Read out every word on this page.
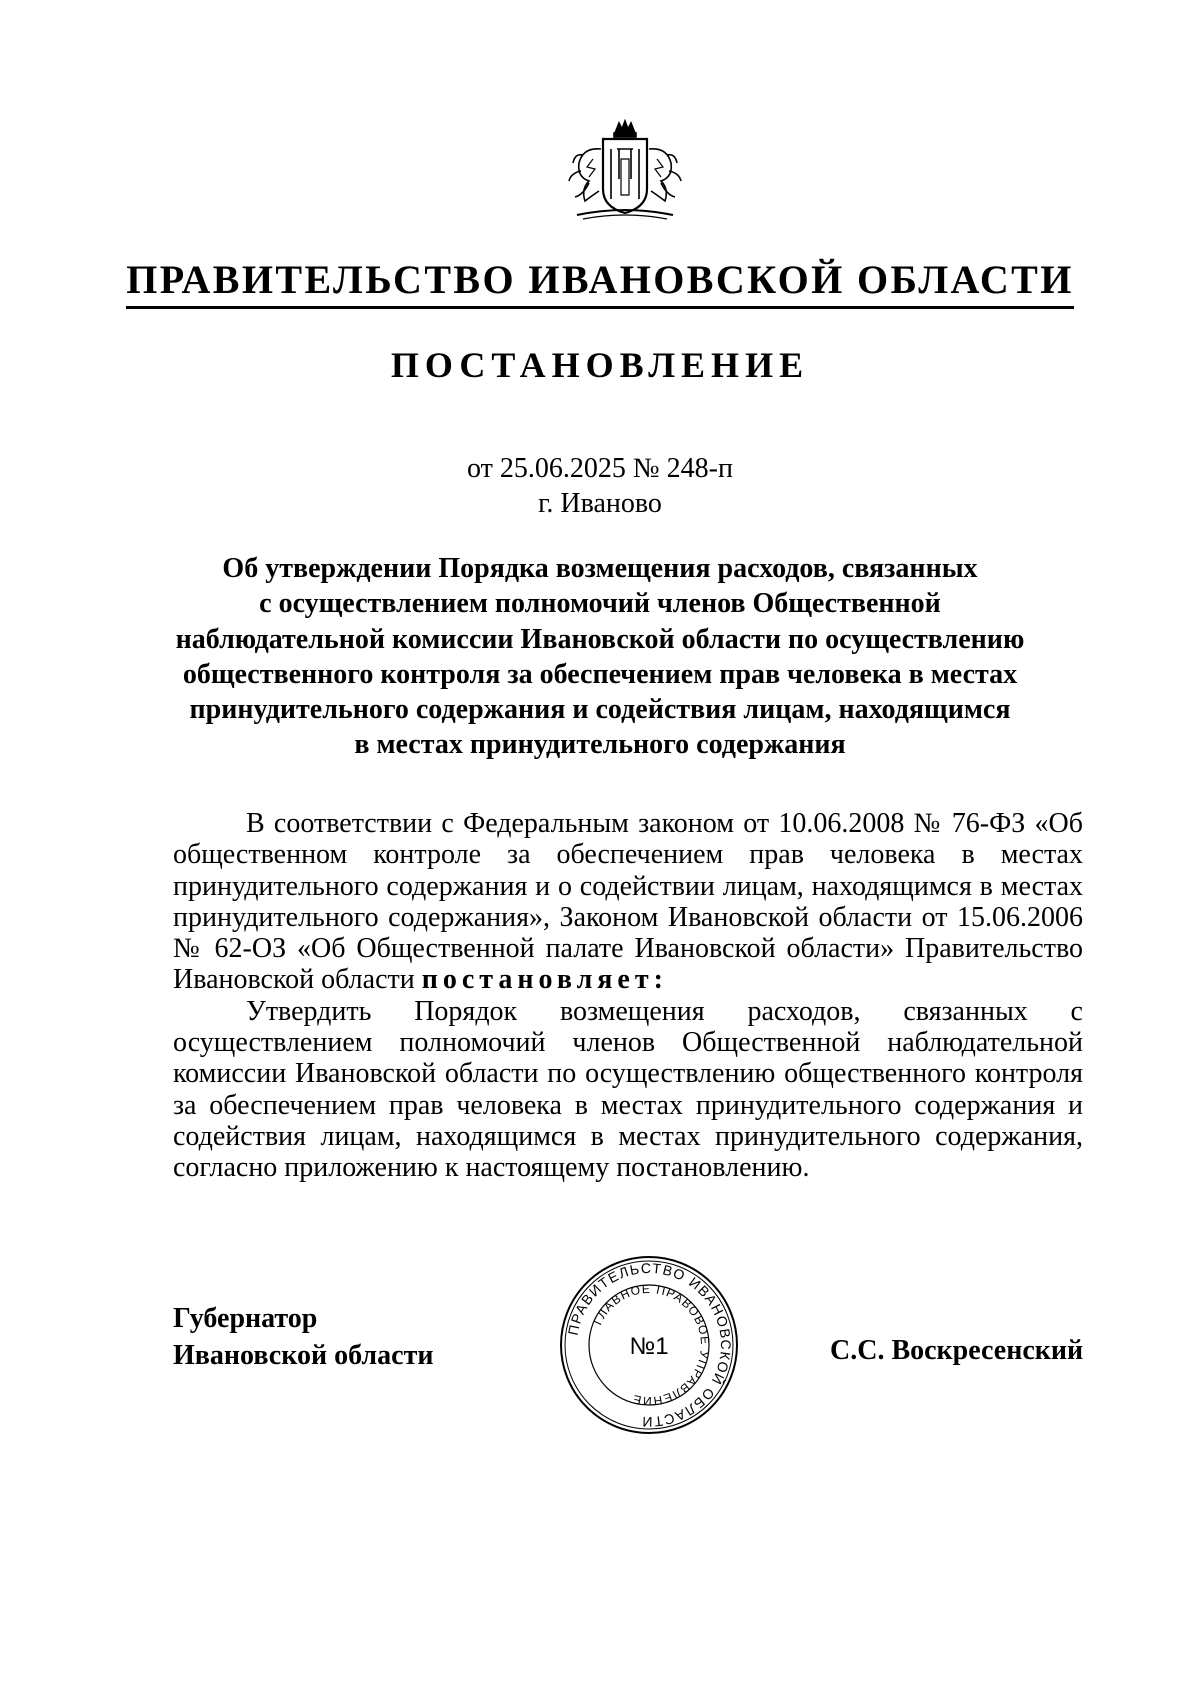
ПРАВИТЕЛЬСТВО ИВАНОВСКОЙ ОБЛАСТИ
ПОСТАНОВЛЕНИЕ
от 25.06.2025 № 248-п
г. Иваново
Об утверждении Порядка возмещения расходов, связанных
с осуществлением полномочий членов Общественной
наблюдательной комиссии Ивановской области по осуществлению
общественного контроля за обеспечением прав человека в местах
принудительного содержания и содействия лицам, находящимся
в местах принудительного содержания

В соответствии с Федеральным законом от 10.06.2008 № 76-ФЗ «Об общественном контроле за обеспечением прав человека в местах принудительного содержания и о содействии лицам, находящимся в местах принудительного содержания», Законом Ивановской области от 15.06.2006 № 62-ОЗ «Об Общественной палате Ивановской области» Правительство Ивановской области постановляет:

Утвердить Порядок возмещения расходов, связанных с осуществлением полномочий членов Общественной наблюдательной комиссии Ивановской области по осуществлению общественного контроля за обеспечением прав человека в местах принудительного содержания и содействия лицам, находящимся в местах принудительного содержания, согласно приложению к настоящему постановлению.

Губернатор
Ивановской области
ПРАВИТЕЛЬСТВО ИВАНОВСКОЙ ОБЛАСТИ
ГЛАВНОЕ ПРАВОВОЕ УПРАВЛЕНИЕ
№1	С.С. Воскресенский
